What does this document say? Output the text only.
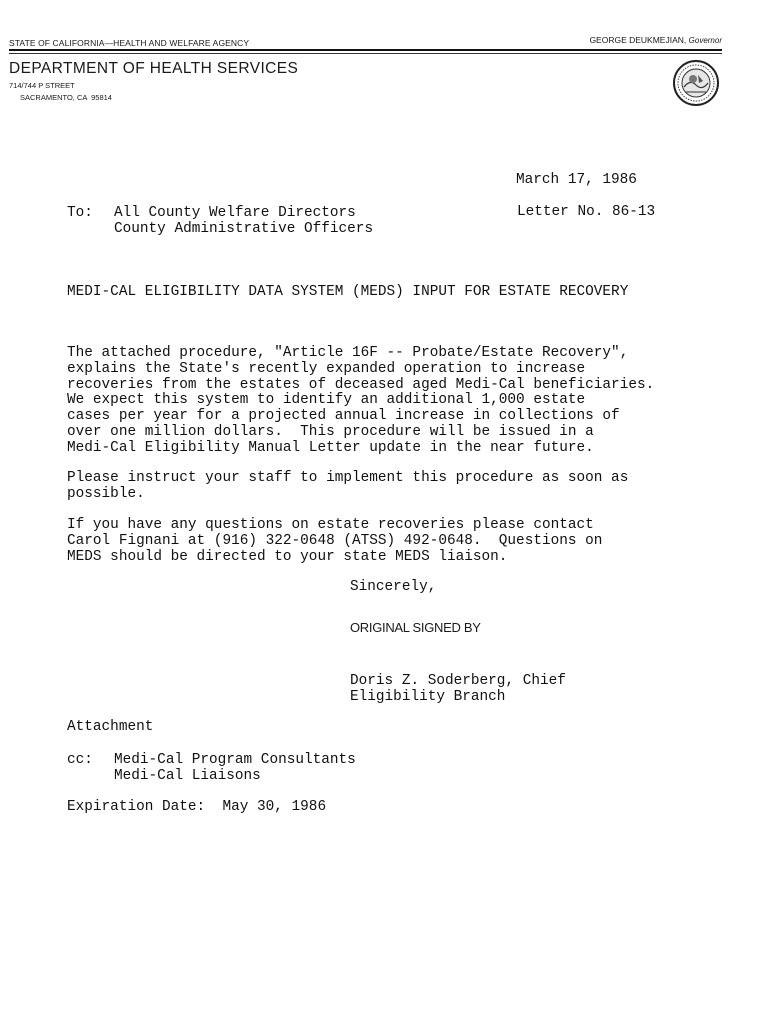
STATE OF CALIFORNIA—HEALTH AND WELFARE AGENCY	GEORGE DEUKMEJIAN, Governor
DEPARTMENT OF HEALTH SERVICES
714/744 P STREET
SACRAMENTO, CA  95814
March 17, 1986
Letter No. 86-13
To: All County Welfare Directors
County Administrative Officers
MEDI-CAL ELIGIBILITY DATA SYSTEM (MEDS) INPUT FOR ESTATE RECOVERY
The attached procedure, "Article 16F -- Probate/Estate Recovery",
explains the State's recently expanded operation to increase
recoveries from the estates of deceased aged Medi-Cal beneficiaries.
We expect this system to identify an additional 1,000 estate
cases per year for a projected annual increase in collections of
over one million dollars.  This procedure will be issued in a
Medi-Cal Eligibility Manual Letter update in the near future.
Please instruct your staff to implement this procedure as soon as
possible.
If you have any questions on estate recoveries please contact
Carol Fignani at (916) 322-0648 (ATSS) 492-0648.  Questions on
MEDS should be directed to your state MEDS liaison.
Sincerely,
ORIGINAL SIGNED BY
Doris Z. Soderberg, Chief
Eligibility Branch
Attachment
cc: Medi-Cal Program Consultants
Medi-Cal Liaisons
Expiration Date:  May 30, 1986
